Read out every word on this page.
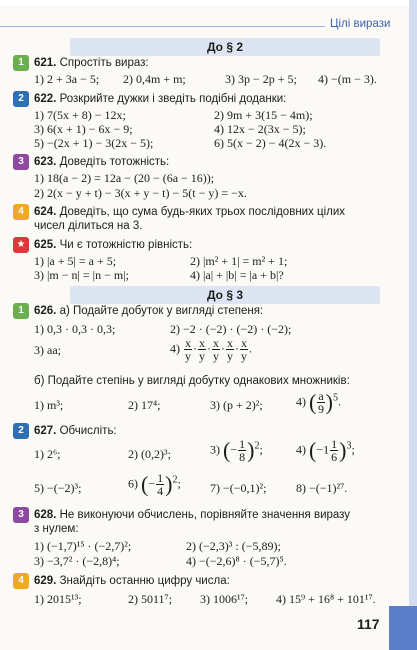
Цілі вирази
До § 2
1 621. Спростіть вираз:
1) 2 + 3a − 5; 2) 0,4m + m;	3) 3p − 2p + 5; 4) −(m − 3).
2 622. Розкрийте дужки і зведіть подібні доданки:
1) 7(5x + 8) − 12x;	2) 9m + 3(15 − 4m);
3) 6(x + 1) − 6x − 9;	4) 12x − 2(3x − 5);
5) −(2x + 1) − 3(2x − 5);	6) 5(x − 2) − 4(2x − 3).
3 623. Доведіть тотожність:
1) 18(a − 2) = 12a − (20 − (6a − 16));
2) 2(x − y + t) − 3(x + y − t) − 5(t − y) = −x.
4 624. Доведіть, що сума будь-яких трьох послідовних цілих
чисел ділиться на 3.
★ 625. Чи є тотожністю рівність:
1) |a + 5| = a + 5;	2) |m² + 1| = m² + 1;
3) |m − n| = |n − m|;	4) |a| + |b| = |a + b|?
До § 3
1 626. а) Подайте добуток у вигляді степеня:
1) 0,3 · 0,3 · 0,3;	2) −2 · (−2) · (−2) · (−2);
3) aa;	$4) \frac{x}{y} \cdot \frac{x}{y} \cdot \frac{x}{y} \cdot \frac{x}{y} \cdot \frac{x}{y}$ .
б) Подайте степінь у вигляді добутку однакових множників:
1) m³;	2) 17⁴;	3) (p + 2)²;	4) ( $\frac{a}{9} )^5$.
2 627. Обчисліть:
1) 2⁶;	2) (0,2)³;	3) (− $\frac{1}{8} )^2$;	4) $(-1 \frac{1}{6} )^3$;
5) −(−2)³;	6) (− $\frac{1}{4} )^2$; 7) −(−0,1)²; 8) −(−1)²⁷.
3 628. Не виконуючи обчислень, порівняйте значення виразу
з нулем:
1) (−1,7)¹⁵ · (−2,7)²;	2) (−2,3)³ : (−5,89);
3) −3,7² · (−2,8)⁴;	4) −(−2,6)⁸ · (−5,7)⁵.
4 629. Знайдіть останню цифру числа:
1) 2015¹³;	2) 5011⁷; 3) 1006¹⁷; 4) 15⁹ + 16⁸ + 101¹⁷.
117
